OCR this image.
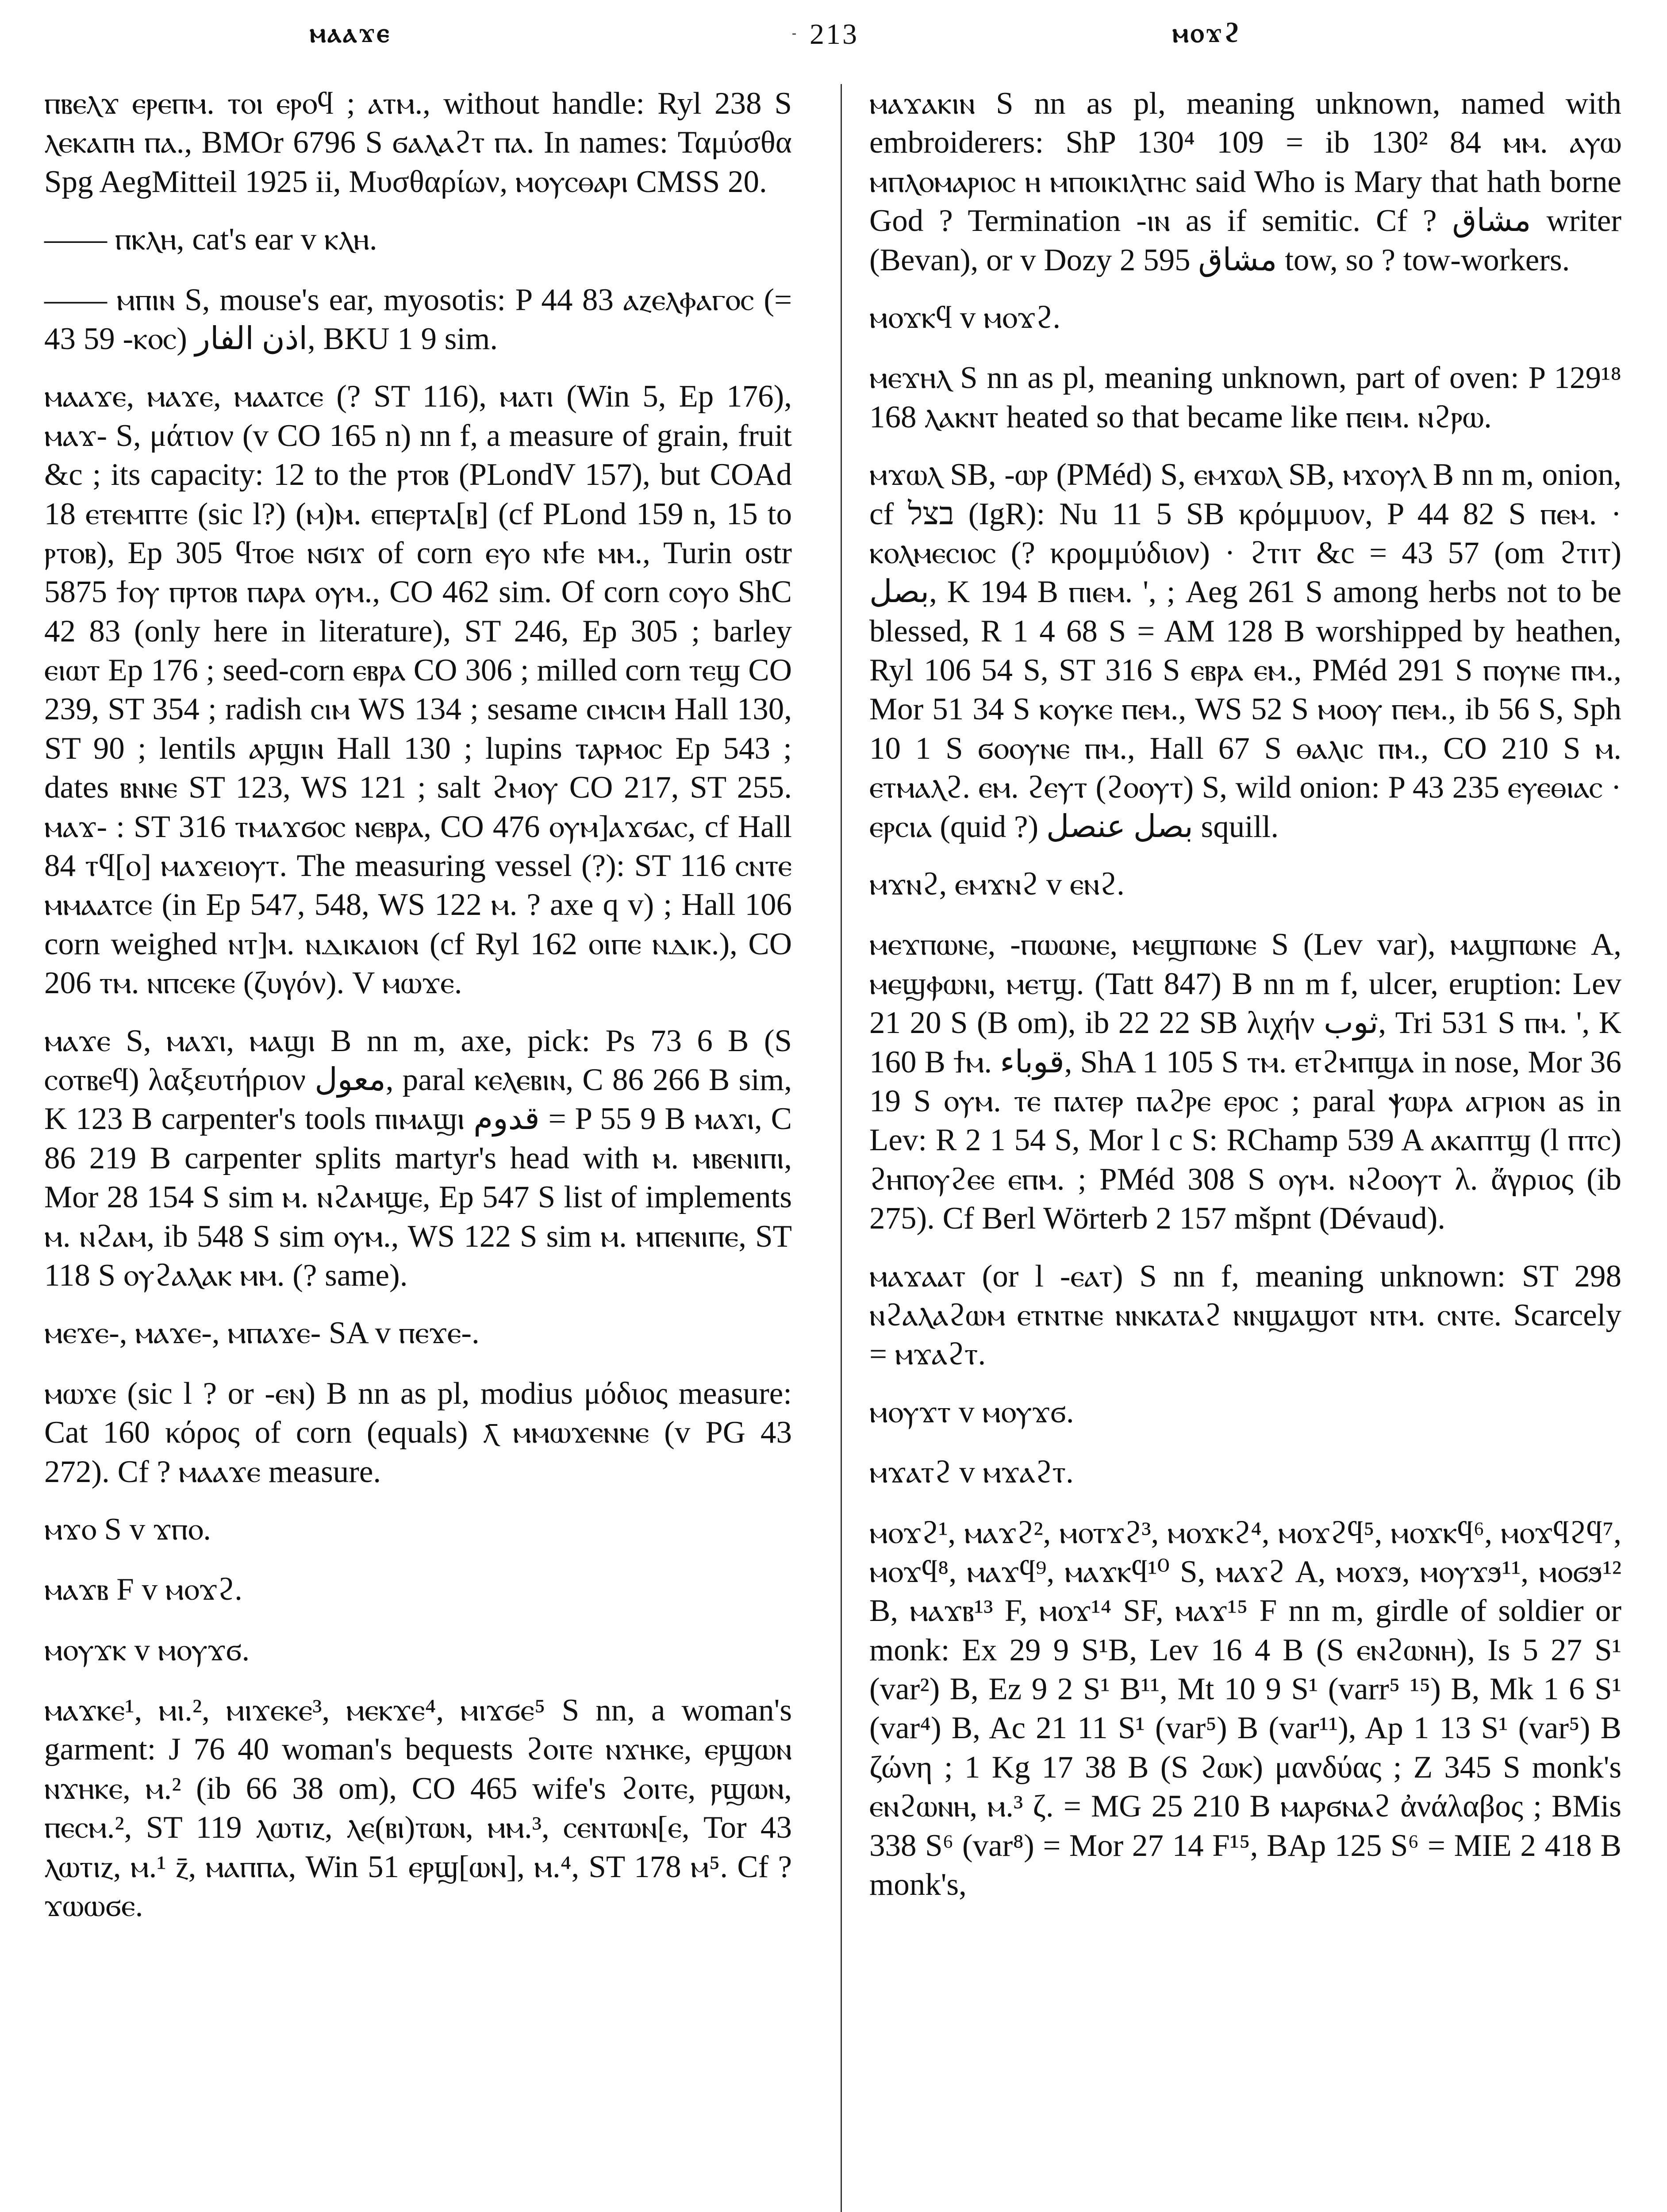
ⲙⲁⲁϫⲉ	- 213	ⲙⲟϫϩ

ⲡⲃⲉⲗϫ ⲉⲣⲉⲡⲙ. ⲧⲟⲓ ⲉⲣⲟϥ ; ⲁⲧⲙ., without handle: Ryl 238 S ⲗⲉⲕⲁⲡⲏ ⲡⲁ., BMOr 6796 S ϭⲁⲗⲁϩⲧ ⲡⲁ. In names: Ταμύσθα Spg AegMitteil 1925 ii, Μυσθαρίων, ⲙⲟⲩⲥⲑⲁⲣⲓ CMSS 20.

—— ⲡⲕⲗⲏ, cat's ear v ⲕⲗⲏ.

—— ⲙⲡⲓⲛ S, mouse's ear, myosotis: P 44 83 ⲁⲍⲉⲗⲫⲁⲅⲟⲥ (= 43 59 -ⲕⲟⲥ) اذن الفار, BKU 1 9 sim.

ⲙⲁⲁϫⲉ, ⲙⲁϫⲉ, ⲙⲁⲁⲧⲥⲉ (? ST 116), ⲙⲁⲧⲓ (Win 5, Ep 176), ⲙⲁϫ- S, μάτιον (v CO 165 n) nn f, a measure of grain, fruit &c ; its capacity: 12 to the ⲣⲧⲟⲃ (PLondV 157), but COAd 18 ⲉⲧⲉⲙⲡⲧⲉ (sic l?) (ⲙ)ⲙ. ⲉⲡⲉⲣⲧⲁ[ⲃ] (cf PLond 159 n, 15 to ⲣⲧⲟⲃ), Ep 305 ϥⲧⲟⲉ ⲛϭⲓϫ of corn ⲉⲩⲟ ⲛϯⲉ ⲙⲙ., Turin ostr 5875 ϯⲟⲩ ⲡⲣⲧⲟⲃ ⲡⲁⲣⲁ ⲟⲩⲙ., CO 462 sim. Of corn ⲥⲟⲩⲟ ShC 42 83 (only here in literature), ST 246, Ep 305 ; barley ⲉⲓⲱⲧ Ep 176 ; seed-corn ⲉⲃⲣⲁ CO 306 ; milled corn ⲧⲉϣ CO 239, ST 354 ; radish ⲥⲓⲙ WS 134 ; sesame ⲥⲓⲙⲥⲓⲙ Hall 130, ST 90 ; lentils ⲁⲣϣⲓⲛ Hall 130 ; lupins ⲧⲁⲣⲙⲟⲥ Ep 543 ; dates ⲃⲛⲛⲉ ST 123, WS 121 ; salt ϩⲙⲟⲩ CO 217, ST 255. ⲙⲁϫ- : ST 316 ⲧⲙⲁϫϭⲟⲥ ⲛⲉⲃⲣⲁ, CO 476 ⲟⲩⲙ]ⲁϫϭⲁⲥ, cf Hall 84 ⲧϥ[ⲟ] ⲙⲁϫⲉⲓⲟⲩⲧ. The measuring vessel (?): ST 116 ⲥⲛⲧⲉ ⲙⲙⲁⲁⲧⲥⲉ (in Ep 547, 548, WS 122 ⲙ. ? axe q v) ; Hall 106 corn weighed ⲛⲧ]ⲙ. ⲛⲇⲓⲕⲁⲓⲟⲛ (cf Ryl 162 ⲟⲓⲡⲉ ⲛⲇⲓⲕ.), CO 206 ⲧⲙ. ⲛⲡⲥⲉⲕⲉ (ζυγόν). V ⲙⲱϫⲉ.

ⲙⲁϫⲉ S, ⲙⲁϫⲓ, ⲙⲁϣⲓ B nn m, axe, pick: Ps 73 6 B (S ⲥⲟⲧⲃⲉϥ) λαξευτήριον معول, paral ⲕⲉⲗⲉⲃⲓⲛ, C 86 266 B sim, K 123 B carpenter's tools ⲡⲓⲙⲁϣⲓ قدوم = P 55 9 B ⲙⲁϫⲓ, C 86 219 B carpenter splits martyr's head with ⲙ. ⲙⲃⲉⲛⲓⲡⲓ, Mor 28 154 S sim ⲙ. ⲛϩⲁⲙϣⲉ, Ep 547 S list of implements ⲙ. ⲛϩⲁⲙ, ib 548 S sim ⲟⲩⲙ., WS 122 S sim ⲙ. ⲙⲡⲉⲛⲓⲡⲉ, ST 118 S ⲟⲩϩⲁⲗⲁⲕ ⲙⲙ. (? same).

ⲙⲉϫⲉ-, ⲙⲁϫⲉ-, ⲙⲡⲁϫⲉ- SA v ⲡⲉϫⲉ-.

ⲙⲱϫⲉ (sic l ? or -ⲉⲛ) B nn as pl, modius μόδιος measure: Cat 160 κόρος of corn (equals) ⲗ̄ ⲙⲙⲱϫⲉⲛⲛⲉ (v PG 43 272). Cf ? ⲙⲁⲁϫⲉ measure.

ⲙϫⲟ S v ϫⲡⲟ.

ⲙⲁϫⲃ F v ⲙⲟϫϩ.

ⲙⲟⲩϫⲕ v ⲙⲟⲩϫϭ.

ⲙⲁϫⲕⲉ¹, ⲙⲓ.², ⲙⲓϫⲉⲕⲉ³, ⲙⲉⲕϫⲉ⁴, ⲙⲓϫϭⲉ⁵ S nn, a woman's garment: J 76 40 woman's bequests ϩⲟⲓⲧⲉ ⲛϫⲏⲕⲉ, ⲉⲣϣⲱⲛ ⲛϫⲏⲕⲉ, ⲙ.² (ib 66 38 om), CO 465 wife's ϩⲟⲓⲧⲉ, ⲣϣⲱⲛ, ⲡⲉⲥⲙ.², ST 119 ⲗⲱⲧⲓⲍ, ⲗⲉ(ⲃⲓ)ⲧⲱⲛ, ⲙⲙ.³, ⲥⲉⲛⲧⲱⲛ[ⲉ, Tor 43 ⲗⲱⲧⲓⲍ, ⲙ.¹ ⲍ̄, ⲙⲁⲡⲡⲁ, Win 51 ⲉⲣϣ[ⲱⲛ], ⲙ.⁴, ST 178 ⲙ⁵. Cf ? ϫⲱⲱϭⲉ.

ⲙⲁϫⲁⲕⲓⲛ S nn as pl, meaning unknown, named with embroiderers: ShP 130⁴ 109 = ib 130² 84 ⲙⲙ. ⲁⲩⲱ ⲙⲡⲗⲟⲙⲁⲣⲓⲟⲥ ⲏ ⲙⲡⲟⲓⲕⲓⲗⲧⲏⲥ said Who is Mary that hath borne God ? Termination -ⲓⲛ as if semitic. Cf ? مشاق writer (Bevan), or v Dozy 2 595 مشاق tow, so ? tow-workers.

ⲙⲟϫⲕϥ v ⲙⲟϫϩ.

ⲙⲉϫⲏⲗ S nn as pl, meaning unknown, part of oven: P 129¹⁸ 168 ⲗⲁⲕⲛⲧ heated so that became like ⲡⲉⲓⲙ. ⲛϩⲣⲱ.

ⲙϫⲱⲗ SB, -ⲱⲣ (PMéd) S, ⲉⲙϫⲱⲗ SB, ⲙϫⲟⲩⲗ B nn m, onion, cf בצל (IgR): Nu 11 5 SB κρόμμυον, P 44 82 S ⲡⲉⲙ. · ⲕⲟⲗⲙⲉⲥⲓⲟⲥ (? κρομμύδιον) · ϩⲧⲓⲧ &c = 43 57 (om ϩⲧⲓⲧ) بصل, K 194 B ⲡⲓⲉⲙ. ', ; Aeg 261 S among herbs not to be blessed, R 1 4 68 S = AM 128 B worshipped by heathen, Ryl 106 54 S, ST 316 S ⲉⲃⲣⲁ ⲉⲙ., PMéd 291 S ⲡⲟⲩⲛⲉ ⲡⲙ., Mor 51 34 S ⲕⲟⲩⲕⲉ ⲡⲉⲙ., WS 52 S ⲙⲟⲟⲩ ⲡⲉⲙ., ib 56 S, Sph 10 1 S ϭⲟⲟⲩⲛⲉ ⲡⲙ., Hall 67 S ⲑⲁⲗⲓⲥ ⲡⲙ., CO 210 S ⲙ. ⲉⲧⲙⲁⲗϩ. ⲉⲙ. ϩⲉⲩⲧ (ϩⲟⲟⲩⲧ) S, wild onion: P 43 235 ⲉⲩⲉⲑⲓⲁⲥ · ⲉⲣⲥⲓⲁ (quid ?) بصل عنصل squill.

ⲙϫⲛϩ, ⲉⲙϫⲛϩ v ⲉⲛϩ.

ⲙⲉϫⲡⲱⲛⲉ, -ⲡⲱⲱⲛⲉ, ⲙⲉϣⲡⲱⲛⲉ S (Lev var), ⲙⲁϣⲡⲱⲛⲉ A, ⲙⲉϣⲫⲱⲛⲓ, ⲙⲉⲧϣ. (Tatt 847) B nn m f, ulcer, eruption: Lev 21 20 S (B om), ib 22 22 SB λιχήν ثوب, Tri 531 S ⲡⲙ. ', K 160 B ϯⲙ. قوباء, ShA 1 105 S ⲧⲙ. ⲉⲧϩⲙⲡϣⲁ in nose, Mor 36 19 S ⲟⲩⲙ. ⲧⲉ ⲡⲁⲧⲉⲣ ⲡⲁϩⲣⲉ ⲉⲣⲟⲥ ; paral ⲯⲱⲣⲁ ⲁⲅⲣⲓⲟⲛ as in Lev: R 2 1 54 S, Mor l c S: RChamp 539 A ⲁⲕⲁⲡⲧϣ (l ⲡⲧⲥ) ϩⲏⲡⲟⲩϩⲉⲉ ⲉⲡⲙ. ; PMéd 308 S ⲟⲩⲙ. ⲛϩⲟⲟⲩⲧ λ. ἄγριος (ib 275). Cf Berl Wörterb 2 157 mšpnt (Dévaud).

ⲙⲁϫⲁⲁⲧ (or l -ⲉⲁⲧ) S nn f, meaning unknown: ST 298 ⲛϩⲁⲗⲁϩⲱⲙ ⲉⲧⲛⲧⲛⲉ ⲛⲛⲕⲁⲧⲁϩ ⲛⲛϣⲁϣⲟⲧ ⲛⲧⲙ. ⲥⲛⲧⲉ. Scarcely = ⲙϫⲁϩⲧ.

ⲙⲟⲩϫⲧ v ⲙⲟⲩϫϭ.

ⲙϫⲁⲧϩ v ⲙϫⲁϩⲧ.

ⲙⲟϫϩ¹, ⲙⲁϫϩ², ⲙⲟⲧϫϩ³, ⲙⲟϫⲕϩ⁴, ⲙⲟϫϩϥ⁵, ⲙⲟϫⲕϥ⁶, ⲙⲟϫϥϩϥ⁷, ⲙⲟϫϥ⁸, ⲙⲁϫϥ⁹, ⲙⲁϫⲕϥ¹⁰ S, ⲙⲁϫϩ A, ⲙⲟϫϧ, ⲙⲟⲩϫϧ¹¹, ⲙⲟϭϧ¹² B, ⲙⲁϫⲃ¹³ F, ⲙⲟϫ¹⁴ SF, ⲙⲁϫ¹⁵ F nn m, girdle of soldier or monk: Ex 29 9 S¹B, Lev 16 4 B (S ⲉⲛϩⲱⲛⲏ), Is 5 27 S¹ (var²) B, Ez 9 2 S¹ B¹¹, Mt 10 9 S¹ (varr⁵ ¹⁵) B, Mk 1 6 S¹ (var⁴) B, Ac 21 11 S¹ (var⁵) B (var¹¹), Ap 1 13 S¹ (var⁵) B ζώνη ; 1 Kg 17 38 B (S ϩⲱⲕ) μανδύας ; Z 345 S monk's ⲉⲛϩⲱⲛⲏ, ⲙ.³ ζ. = MG 25 210 B ⲙⲁⲣϭⲛⲁϩ ἀνάλαβος ; BMis 338 S⁶ (var⁸) = Mor 27 14 F¹⁵, BAp 125 S⁶ = MIE 2 418 B monk's,
